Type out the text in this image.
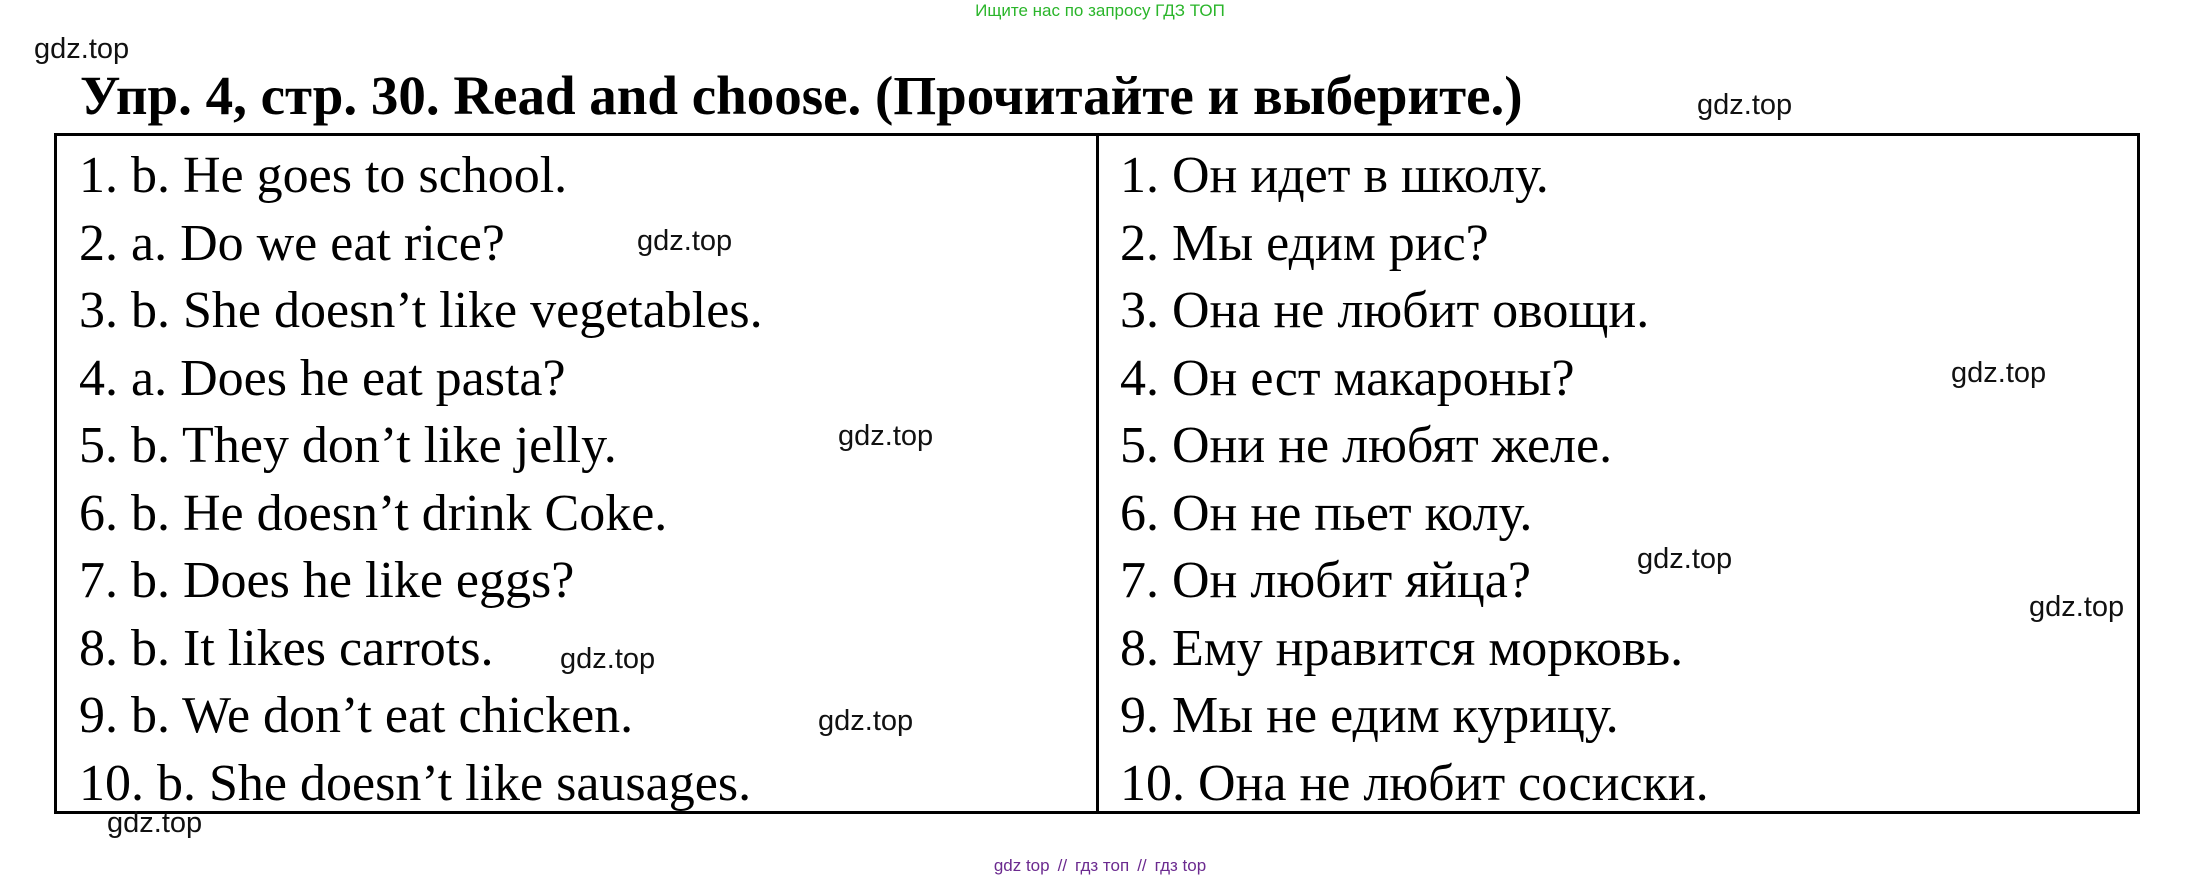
Ищите нас по запросу ГДЗ ТОП
gdz.top
Упр. 4, стр. 30. Read and choose. (Прочитайте и выберите.)	gdz.top
1. b. He goes to school.
2. a. Do we eat rice?
3. b. She doesn’t like vegetables.
4. a. Does he eat pasta?
5. b. They don’t like jelly.
6. b. He doesn’t drink Coke.
7. b. Does he like eggs?
8. b. It likes carrots.
9. b. We don’t eat chicken.
10. b. She doesn’t like sausages.
1. Он идет в школу.
2. Мы едим рис?
3. Она не любит овощи.
4. Он ест макароны?
5. Они не любят желе.
6. Он не пьет колу.
7. Он любит яйца?
8. Ему нравится морковь.
9. Мы не едим курицу.
10. Она не любит сосиски.
gdz.top
gdz.top
gdz.top
gdz.top
gdz.top
gdz.top
gdz.top
gdz.top
gdz top // гдз топ // гдз top
